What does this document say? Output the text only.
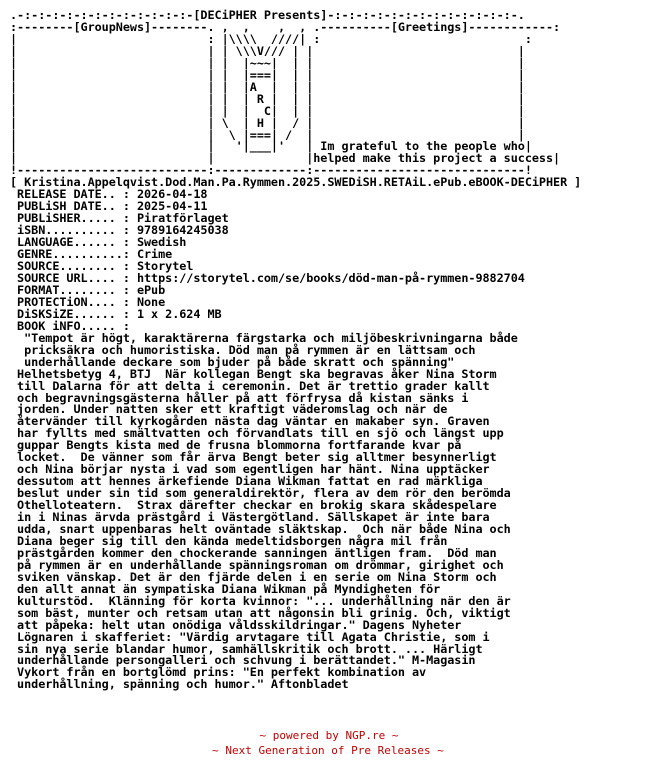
.-:-:-:-:-:-:-:-:-:-:-:-:-[DECiPHER Presents]-:-:-:-:-:-:-:-:-:-:-:-:-:-.
:--------[GroupNews]--------. ,  ,    ,  , .----------[Greetings]------------:
|                           : |\\\\  ////| :                             :
|                           | | \\\V/// | |                             |
|                           | |  |~~~|  | |                             |
|                           | |  |===|  | |                             |
|                           | |  |A  |  | |                             |
|                           | |  | R |  | |                             |
|                           | |  |  C|  | |                             |
|                           | \  | H |  / |                             |
|                           |  \ |===| /  |                             |
|                           |   '|___|'   | Im grateful to the people who|
|                           |             |helped make this project a success|
!---------------------------:-------------:------------------------------!
[ Kristina.Appelqvist.Dod.Man.Pa.Rymmen.2025.SWEDiSH.RETAiL.ePub.eBOOK-DECiPHER ]
RELEASE DATE.. : 2026-04-18
PUBLiSH DATE.. : 2025-04-11
PUBLiSHER..... : Piratförlaget
iSBN.......... : 9789164245038
LANGUAGE...... : Swedish
GENRE..........: Crime
SOURCE........ : Storytel
SOURCE URL.... : https://storytel.com/se/books/död-man-på-rymmen-9882704
FORMAT........ : ePub
PROTECTiON.... : None
DiSKSiZE...... : 1 x 2.624 MB
BOOK iNFO..... :
"Tempot är högt, karaktärerna färgstarka och miljöbeskrivningarna både
pricksäkra och humoristiska. Död man på rymmen är en lättsam och
underhållande deckare som bjuder på både skratt och spänning"
Helhetsbetyg 4, BTJ  När kollegan Bengt ska begravas åker Nina Storm
till Dalarna för att delta i ceremonin. Det är trettio grader kallt
och begravningsgästerna håller på att förfrysa då kistan sänks i
jorden. Under natten sker ett kraftigt väderomslag och när de
återvänder till kyrkogården nästa dag väntar en makaber syn. Graven
har fyllts med smältvatten och förvandlats till en sjö och längst upp
guppar Bengts kista med de frusna blommorna fortfarande kvar på
locket.  De vänner som får ärva Bengt beter sig alltmer besynnerligt
och Nina börjar nysta i vad som egentligen har hänt. Nina upptäcker
dessutom att hennes ärkefiende Diana Wikman fattat en rad märkliga
beslut under sin tid som generaldirektör, flera av dem rör den berömda
Othelloteatern.  Strax därefter checkar en brokig skara skådespelare
in i Ninas ärvda prästgård i Västergötland. Sällskapet är inte bara
udda, snart uppenbaras helt oväntade släktskap.  Och när både Nina och
Diana beger sig till den kända medeltidsborgen några mil från
prästgården kommer den chockerande sanningen äntligen fram.  Död man
på rymmen är en underhållande spänningsroman om drömmar, girighet och
sviken vänskap. Det är den fjärde delen i en serie om Nina Storm och
den allt annat än sympatiska Diana Wikman på Myndigheten för
kulturstöd.  Klänning för korta kvinnor: "... underhållning när den är
som bäst, munter och retsam utan att någonsin bli grinig. Och, viktigt
att påpeka: helt utan onödiga våldsskildringar." Dagens Nyheter
Lögnaren i skafferiet: "Värdig arvtagare till Agata Christie, som i
sin nya serie blandar humor, samhällskritik och brott. ... Härligt
underhållande persongalleri och schvung i berättandet." M-Magasin
Vykort från en bortglömd prins: "En perfekt kombination av
underhållning, spänning och humor." Aftonbladet
~ powered by NGP.re ~
~ Next Generation of Pre Releases ~
